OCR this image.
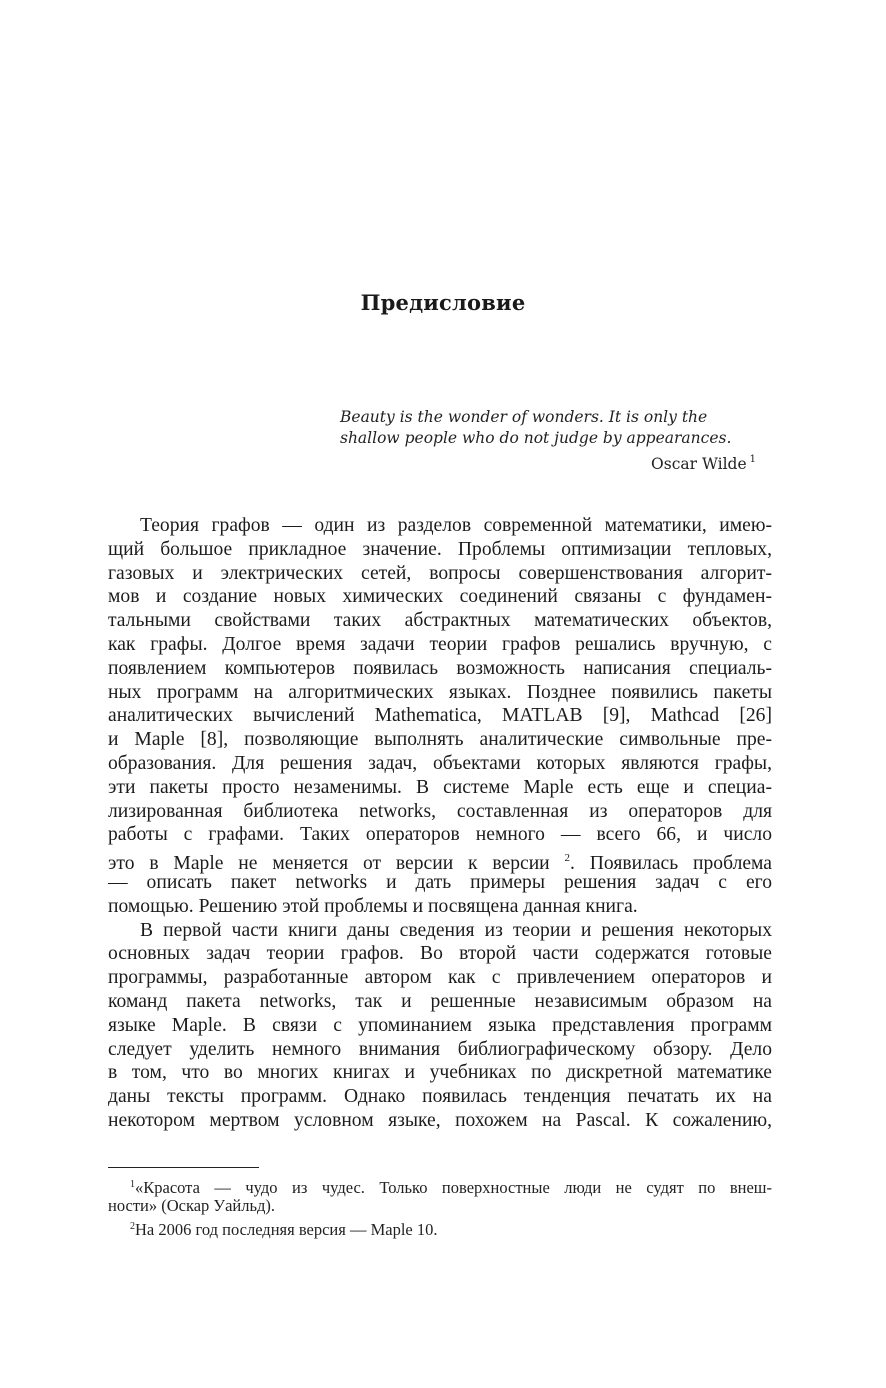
Предисловие
Beauty is the wonder of wonders. It is only the
shallow people who do not judge by appearances.
Oscar Wilde $^1$
Теория графов — один из разделов современной математики, имею-
щий большое прикладное значение. Проблемы оптимизации тепловых,
газовых и электрических сетей, вопросы совершенствования алгорит-
мов и создание новых химических соединений связаны с фундамен-
тальными свойствами таких абстрактных математических объектов,
как графы. Долгое время задачи теории графов решались вручную, с
появлением компьютеров появилась возможность написания специаль-
ных программ на алгоритмических языках. Позднее появились пакеты
аналитических вычислений Mathematica, MATLAB [9], Mathcad [26]
и Maple [8], позволяющие выполнять аналитические символьные пре-
образования. Для решения задач, объектами которых являются графы,
эти пакеты просто незаменимы. В системе Maple есть еще и специа-
лизированная библиотека networks, составленная из операторов для
работы с графами. Таких операторов немного — всего 66, и число
это в Maple не меняется от версии к версии $^2$. Появилась проблема
— описать пакет networks и дать примеры решения задач с его
помощью. Решению этой проблемы и посвящена данная книга.
В первой части книги даны сведения из теории и решения некоторых
основных задач теории графов. Во второй части содержатся готовые
программы, разработанные автором как с привлечением операторов и
команд пакета networks, так и решенные независимым образом на
языке Maple. В связи с упоминанием языка представления программ
следует уделить немного внимания библиографическому обзору. Дело
в том, что во многих книгах и учебниках по дискретной математике
даны тексты программ. Однако появилась тенденция печатать их на
некотором мертвом условном языке, похожем на Pascal. К сожалению,
$^1$«Красота — чудо из чудес. Только поверхностные люди не судят по внеш-
ности» (Оскар Уайльд).
$^2$На 2006 год последняя версия — Maple 10.
